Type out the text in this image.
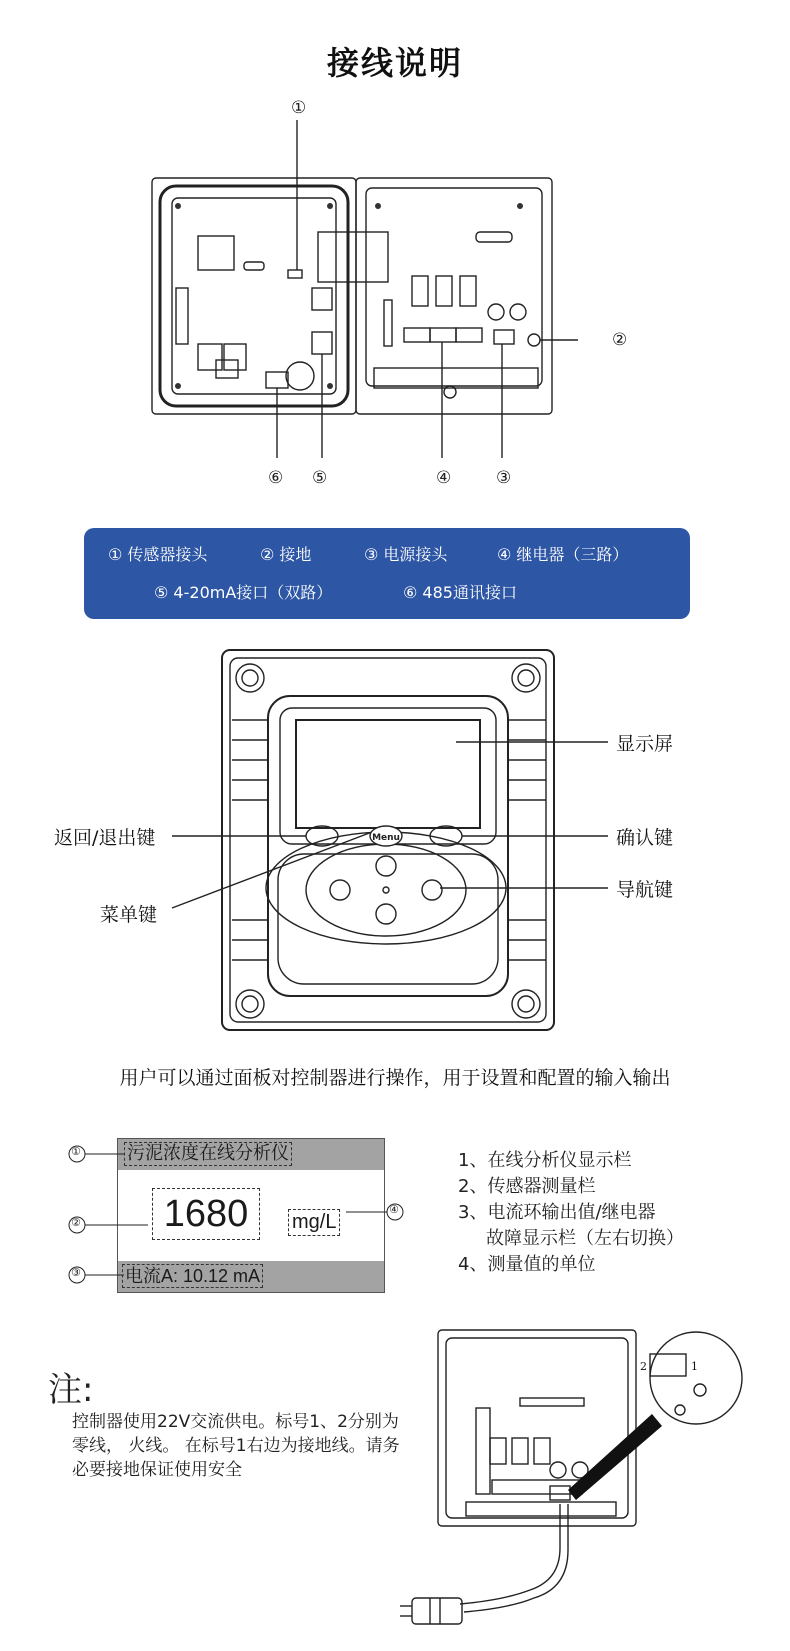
接线说明
①
②
⑥ ⑤	④	③
① 传感器接头	② 接地	③ 电源接头	④ 继电器（三路）
⑤ 4-20mA接口（双路）	⑥ 485通讯接口
Menu
显示屏
返回/退出键	确认键
菜单键
导航键
用户可以通过面板对控制器进行操作，用于设置和配置的输入输出
污泥浓度在线分析仪
1680	mg/L
电流A: 10.12 mA
①
②
③
④
1、在线分析仪显示栏
2、传感器测量栏
3、电流环输出值/继电器
故障显示栏（左右切换）
4、测量值的单位
注:
控制器使用22V交流供电。标号1、2分别为零线， 火线。 在标号1右边为接地线。请务必要接地保证使用安全
2	1
